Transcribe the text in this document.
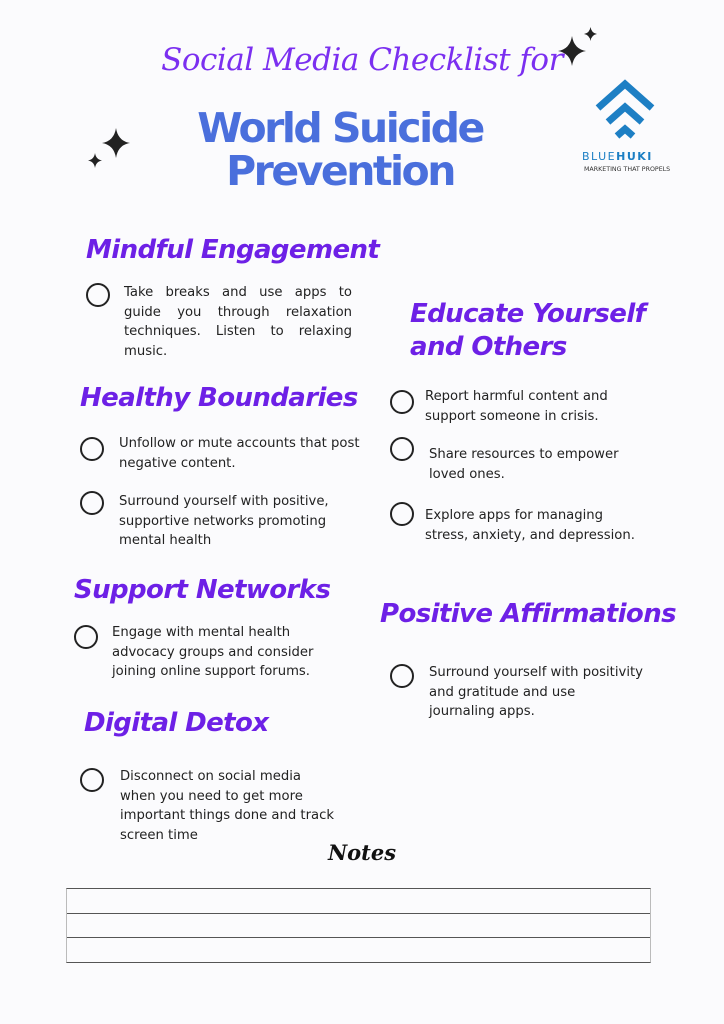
Social Media Checklist for
World Suicide
Prevention	BLUEHUKI
MARKETING THAT PROPELS
Mindful Engagement
Take breaks and use apps to guide you through relaxation techniques. Listen to relaxing music.
Healthy Boundaries
Unfollow or mute accounts that post negative content.
Surround yourself with positive, supportive networks promoting mental health
Support Networks
Engage with mental health advocacy groups and consider joining online support forums.
Digital Detox
Disconnect on social media when you need to get more important things done and track screen time
Educate Yourself
and Others
Report harmful content and support someone in crisis.
Share resources to empower loved ones.
Explore apps for managing stress, anxiety, and depression.
Positive Affirmations
Surround yourself with positivity and gratitude and use journaling apps.
Notes
